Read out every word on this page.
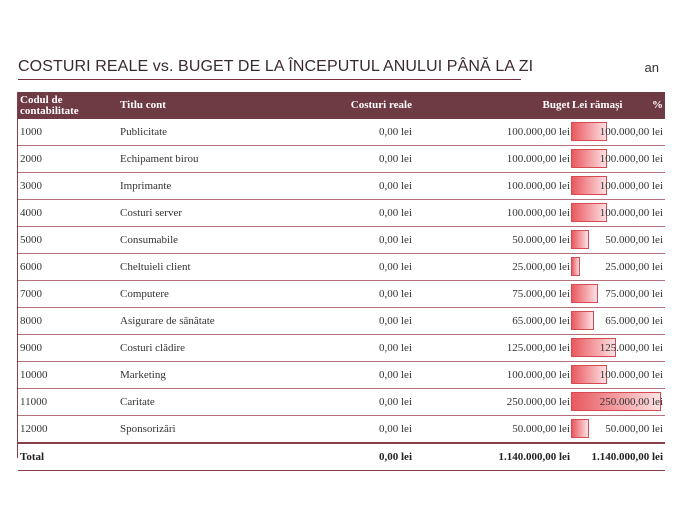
COSTURI REALE vs. BUGET DE LA ÎNCEPUTUL ANULUI PÂNĂ LA ZI	an
Codul de contabilitate	Titlu cont	Costuri reale	Buget	Lei rămași %

1000	Publicitate	0,00 lei	100.000,00 lei	100.000,00 lei
2000	Echipament birou	0,00 lei	100.000,00 lei	100.000,00 lei
3000	Imprimante	0,00 lei	100.000,00 lei	100.000,00 lei
4000	Costuri server	0,00 lei	100.000,00 lei	100.000,00 lei
5000	Consumabile	0,00 lei	50.000,00 lei	50.000,00 lei
6000	Cheltuieli client	0,00 lei	25.000,00 lei	25.000,00 lei
7000	Computere	0,00 lei	75.000,00 lei	75.000,00 lei
8000	Asigurare de sănătate	0,00 lei	65.000,00 lei	65.000,00 lei
9000	Costuri clădire	0,00 lei	125.000,00 lei	125.000,00 lei
10000	Marketing	0,00 lei	100.000,00 lei	100.000,00 lei
11000	Caritate	0,00 lei	250.000,00 lei	250.000,00 lei
12000	Sponsorizări	0,00 lei	50.000,00 lei	50.000,00 lei
Total		0,00 lei	1.140.000,00 lei	1.140.000,00 lei
